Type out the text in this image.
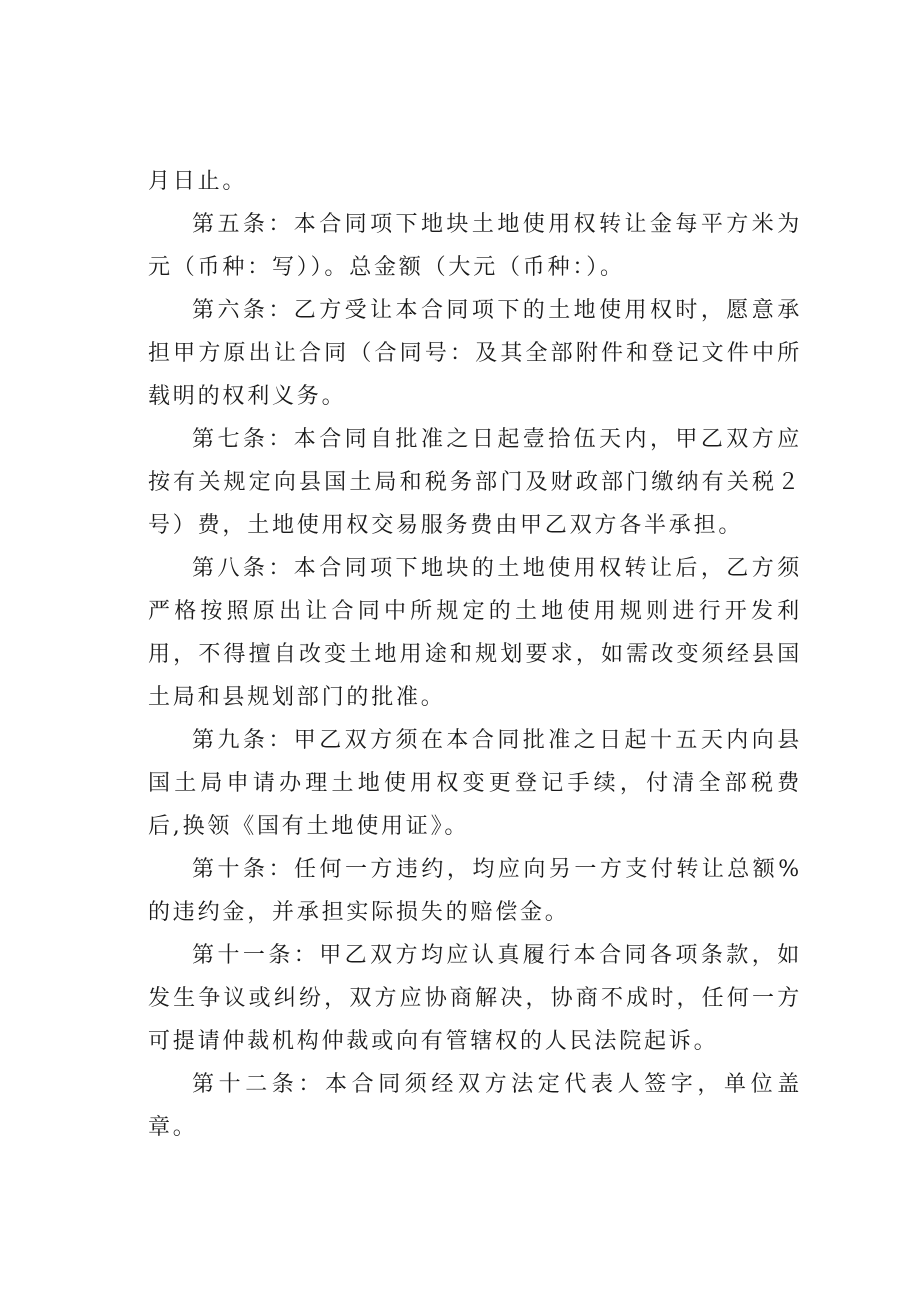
月日止。

第五条：本合同项下地块土地使用权转让金每平方米为元（币种：写））。总金额（大元（币种：）。

第六条：乙方受让本合同项下的土地使用权时，愿意承担甲方原出让合同（合同号：及其全部附件和登记文件中所载明的权利义务。

第七条：本合同自批准之日起壹拾伍天内，甲乙双方应按有关规定向县国土局和税务部门及财政部门缴纳有关税２号）费，土地使用权交易服务费由甲乙双方各半承担。

第八条：本合同项下地块的土地使用权转让后，乙方须严格按照原出让合同中所规定的土地使用规则进行开发利用，不得擅自改变土地用途和规划要求，如需改变须经县国土局和县规划部门的批准。

第九条：甲乙双方须在本合同批准之日起十五天内向县国土局申请办理土地使用权变更登记手续，付清全部税费后,换领《国有土地使用证》。

第十条：任何一方违约，均应向另一方支付转让总额%的违约金，并承担实际损失的赔偿金。

第十一条：甲乙双方均应认真履行本合同各项条款，如发生争议或纠纷，双方应协商解决，协商不成时，任何一方可提请仲裁机构仲裁或向有管辖权的人民法院起诉。

第十二条：本合同须经双方法定代表人签字，单位盖章。
